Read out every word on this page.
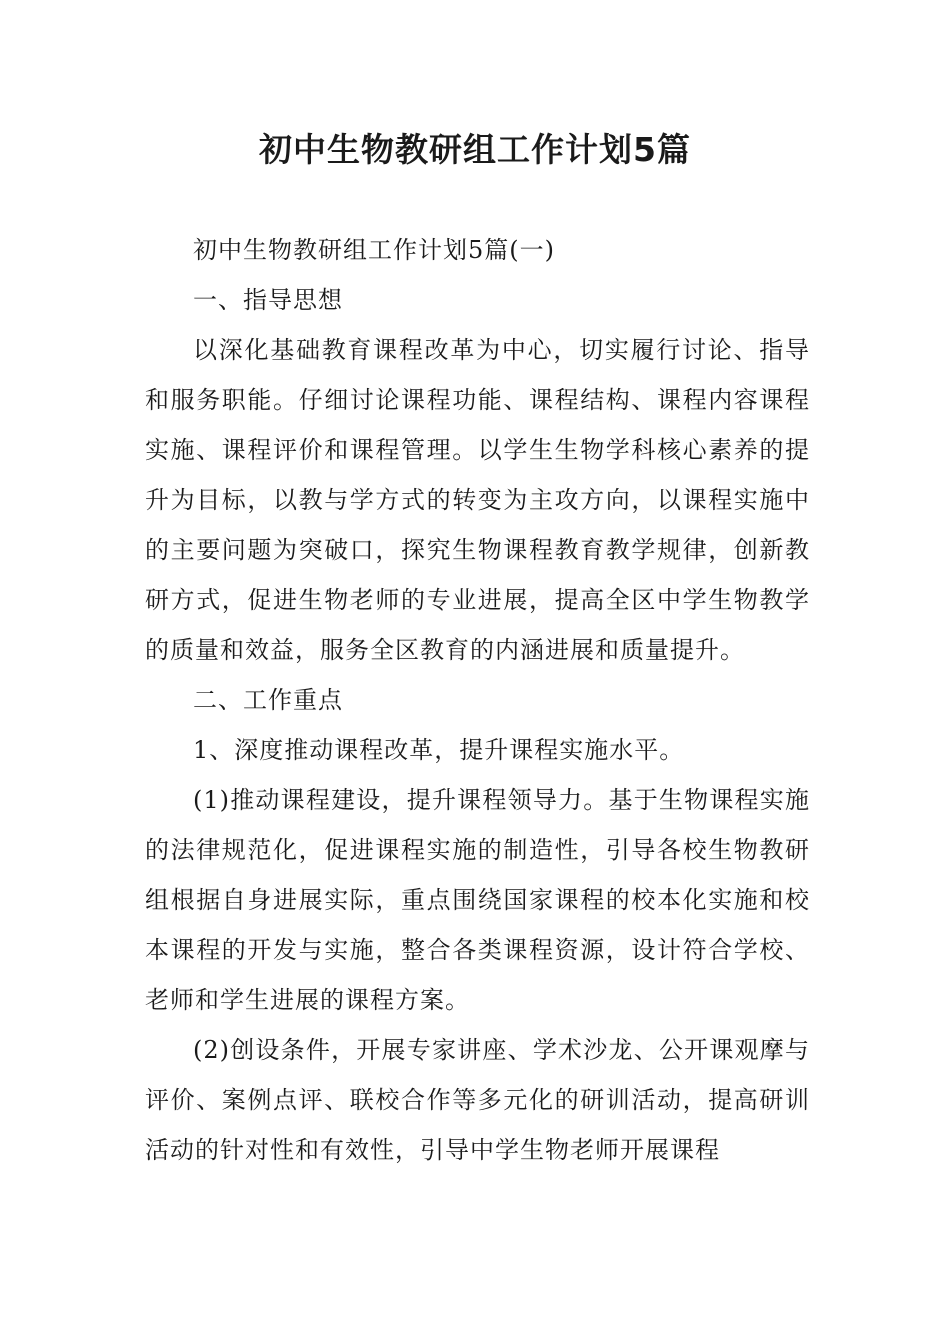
初中生物教研组工作计划5篇

初中生物教研组工作计划5篇(一)

一、指导思想

以深化基础教育课程改革为中心，切实履行讨论、指导和服务职能。仔细讨论课程功能、课程结构、课程内容课程实施、课程评价和课程管理。以学生生物学科核心素养的提升为目标，以教与学方式的转变为主攻方向，以课程实施中的主要问题为突破口，探究生物课程教育教学规律，创新教研方式，促进生物老师的专业进展，提高全区中学生物教学的质量和效益，服务全区教育的内涵进展和质量提升。

二、工作重点

1、深度推动课程改革，提升课程实施水平。

(1)推动课程建设，提升课程领导力。基于生物课程实施的法律规范化，促进课程实施的制造性，引导各校生物教研组根据自身进展实际，重点围绕国家课程的校本化实施和校本课程的开发与实施，整合各类课程资源，设计符合学校、老师和学生进展的课程方案。

(2)创设条件，开展专家讲座、学术沙龙、公开课观摩与评价、案例点评、联校合作等多元化的研训活动，提高研训活动的针对性和有效性，引导中学生物老师开展课程
